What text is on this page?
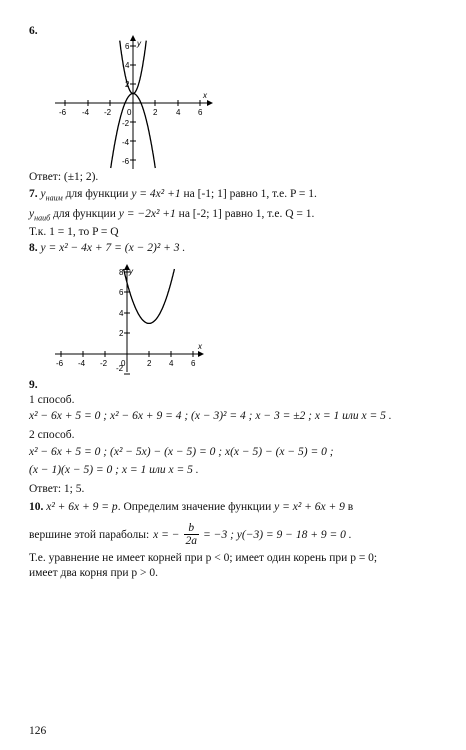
6.
6
4
2
-2
-4
-6
-6 -4 -2 0	2 4 6
y
x
Ответ: (±1; 2).
7. $y_{наим}$ для функции y = 4x² +1 на [-1; 1] равно 1, т.е. P = 1.
$y_{наиб}$ для функции y = −2x² +1 на [-2; 1] равно 1, т.е. Q = 1.
Т.к. 1 = 1, то P = Q
8. y = x² − 4x + 7 = (x − 2)² + 3 .
8
6
4
2
-2
-6 -4 -2 0	2 4 6
y
x
9.
1 способ.
x² − 6x + 5 = 0 ; x² − 6x + 9 = 4 ; (x − 3)² = 4 ; x − 3 = ±2 ; x = 1 или x = 5 .
2 способ.
x² − 6x + 5 = 0 ; (x² − 5x) − (x − 5) = 0 ; x(x − 5) − (x − 5) = 0 ;
(x − 1)(x − 5) = 0 ; x = 1 или x = 5 .
Ответ: 1; 5.
10. x² + 6x + 9 = p. Определим значение функции y = x² + 6x + 9 в
вершине этой параболы: x = − $\frac{b}{2a} = -3$ ; y(−3) = 9 − 18 + 9 = 0 .
Т.е. уравнение не имеет корней при p < 0; имеет один корень при p = 0;
имеет два корня при p > 0.
126
